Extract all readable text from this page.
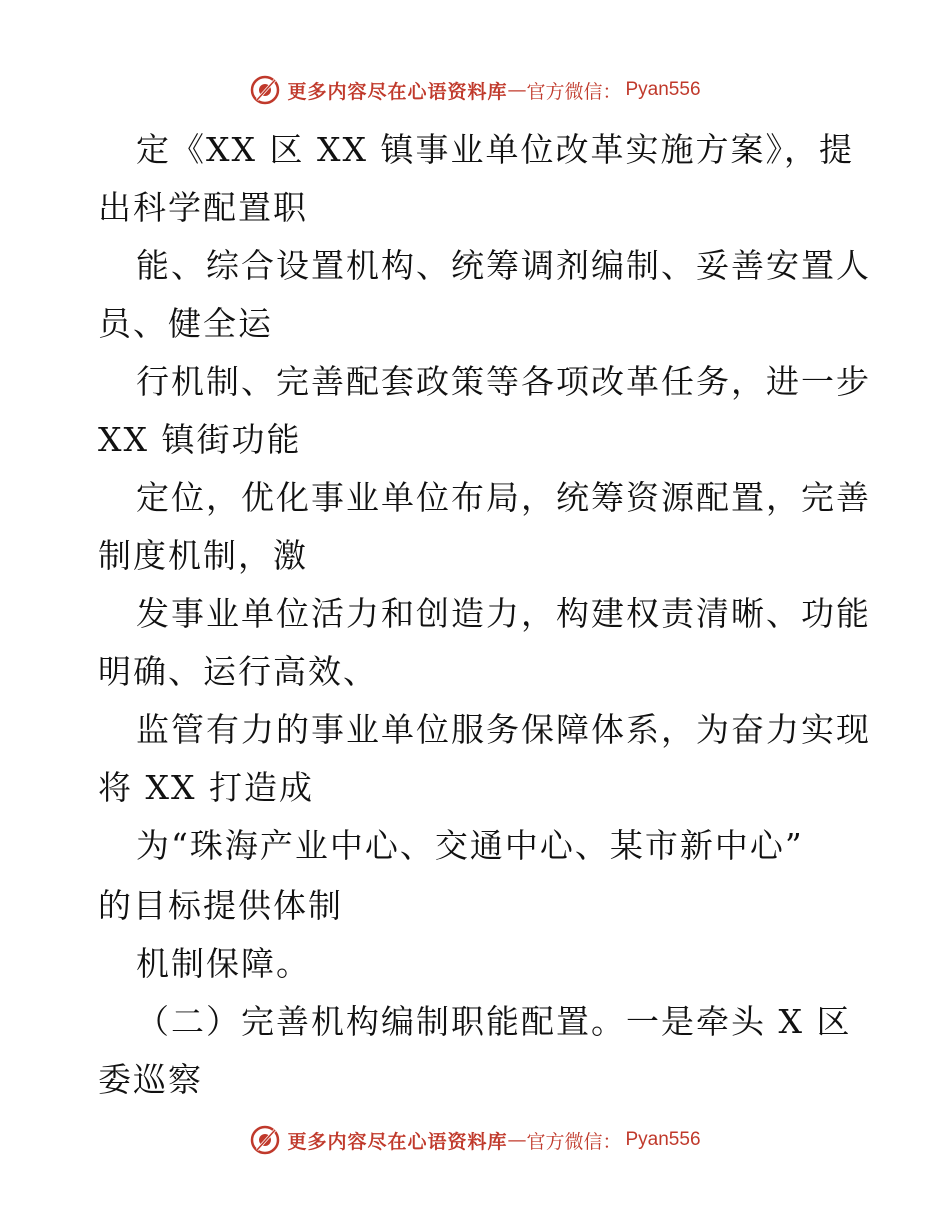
更多内容尽在心语资料库 — 官方微信： Pyan556
定《XX 区 XX 镇事业单位改革实施方案》，提
出科学配置职
能、综合设置机构、统筹调剂编制、妥善安置人
员、健全运
行机制、完善配套政策等各项改革任务，进一步
XX 镇街功能
定位，优化事业单位布局，统筹资源配置，完善
制度机制，激
发事业单位活力和创造力，构建权责清晰、功能
明确、运行高效、
监管有力的事业单位服务保障体系，为奋力实现
将 XX 打造成
为“珠海产业中心、交通中心、某市新中心”
的目标提供体制
机制保障。
（二）完善机构编制职能配置。一是牵头 X 区
委巡察
更多内容尽在心语资料库 — 官方微信： Pyan556
